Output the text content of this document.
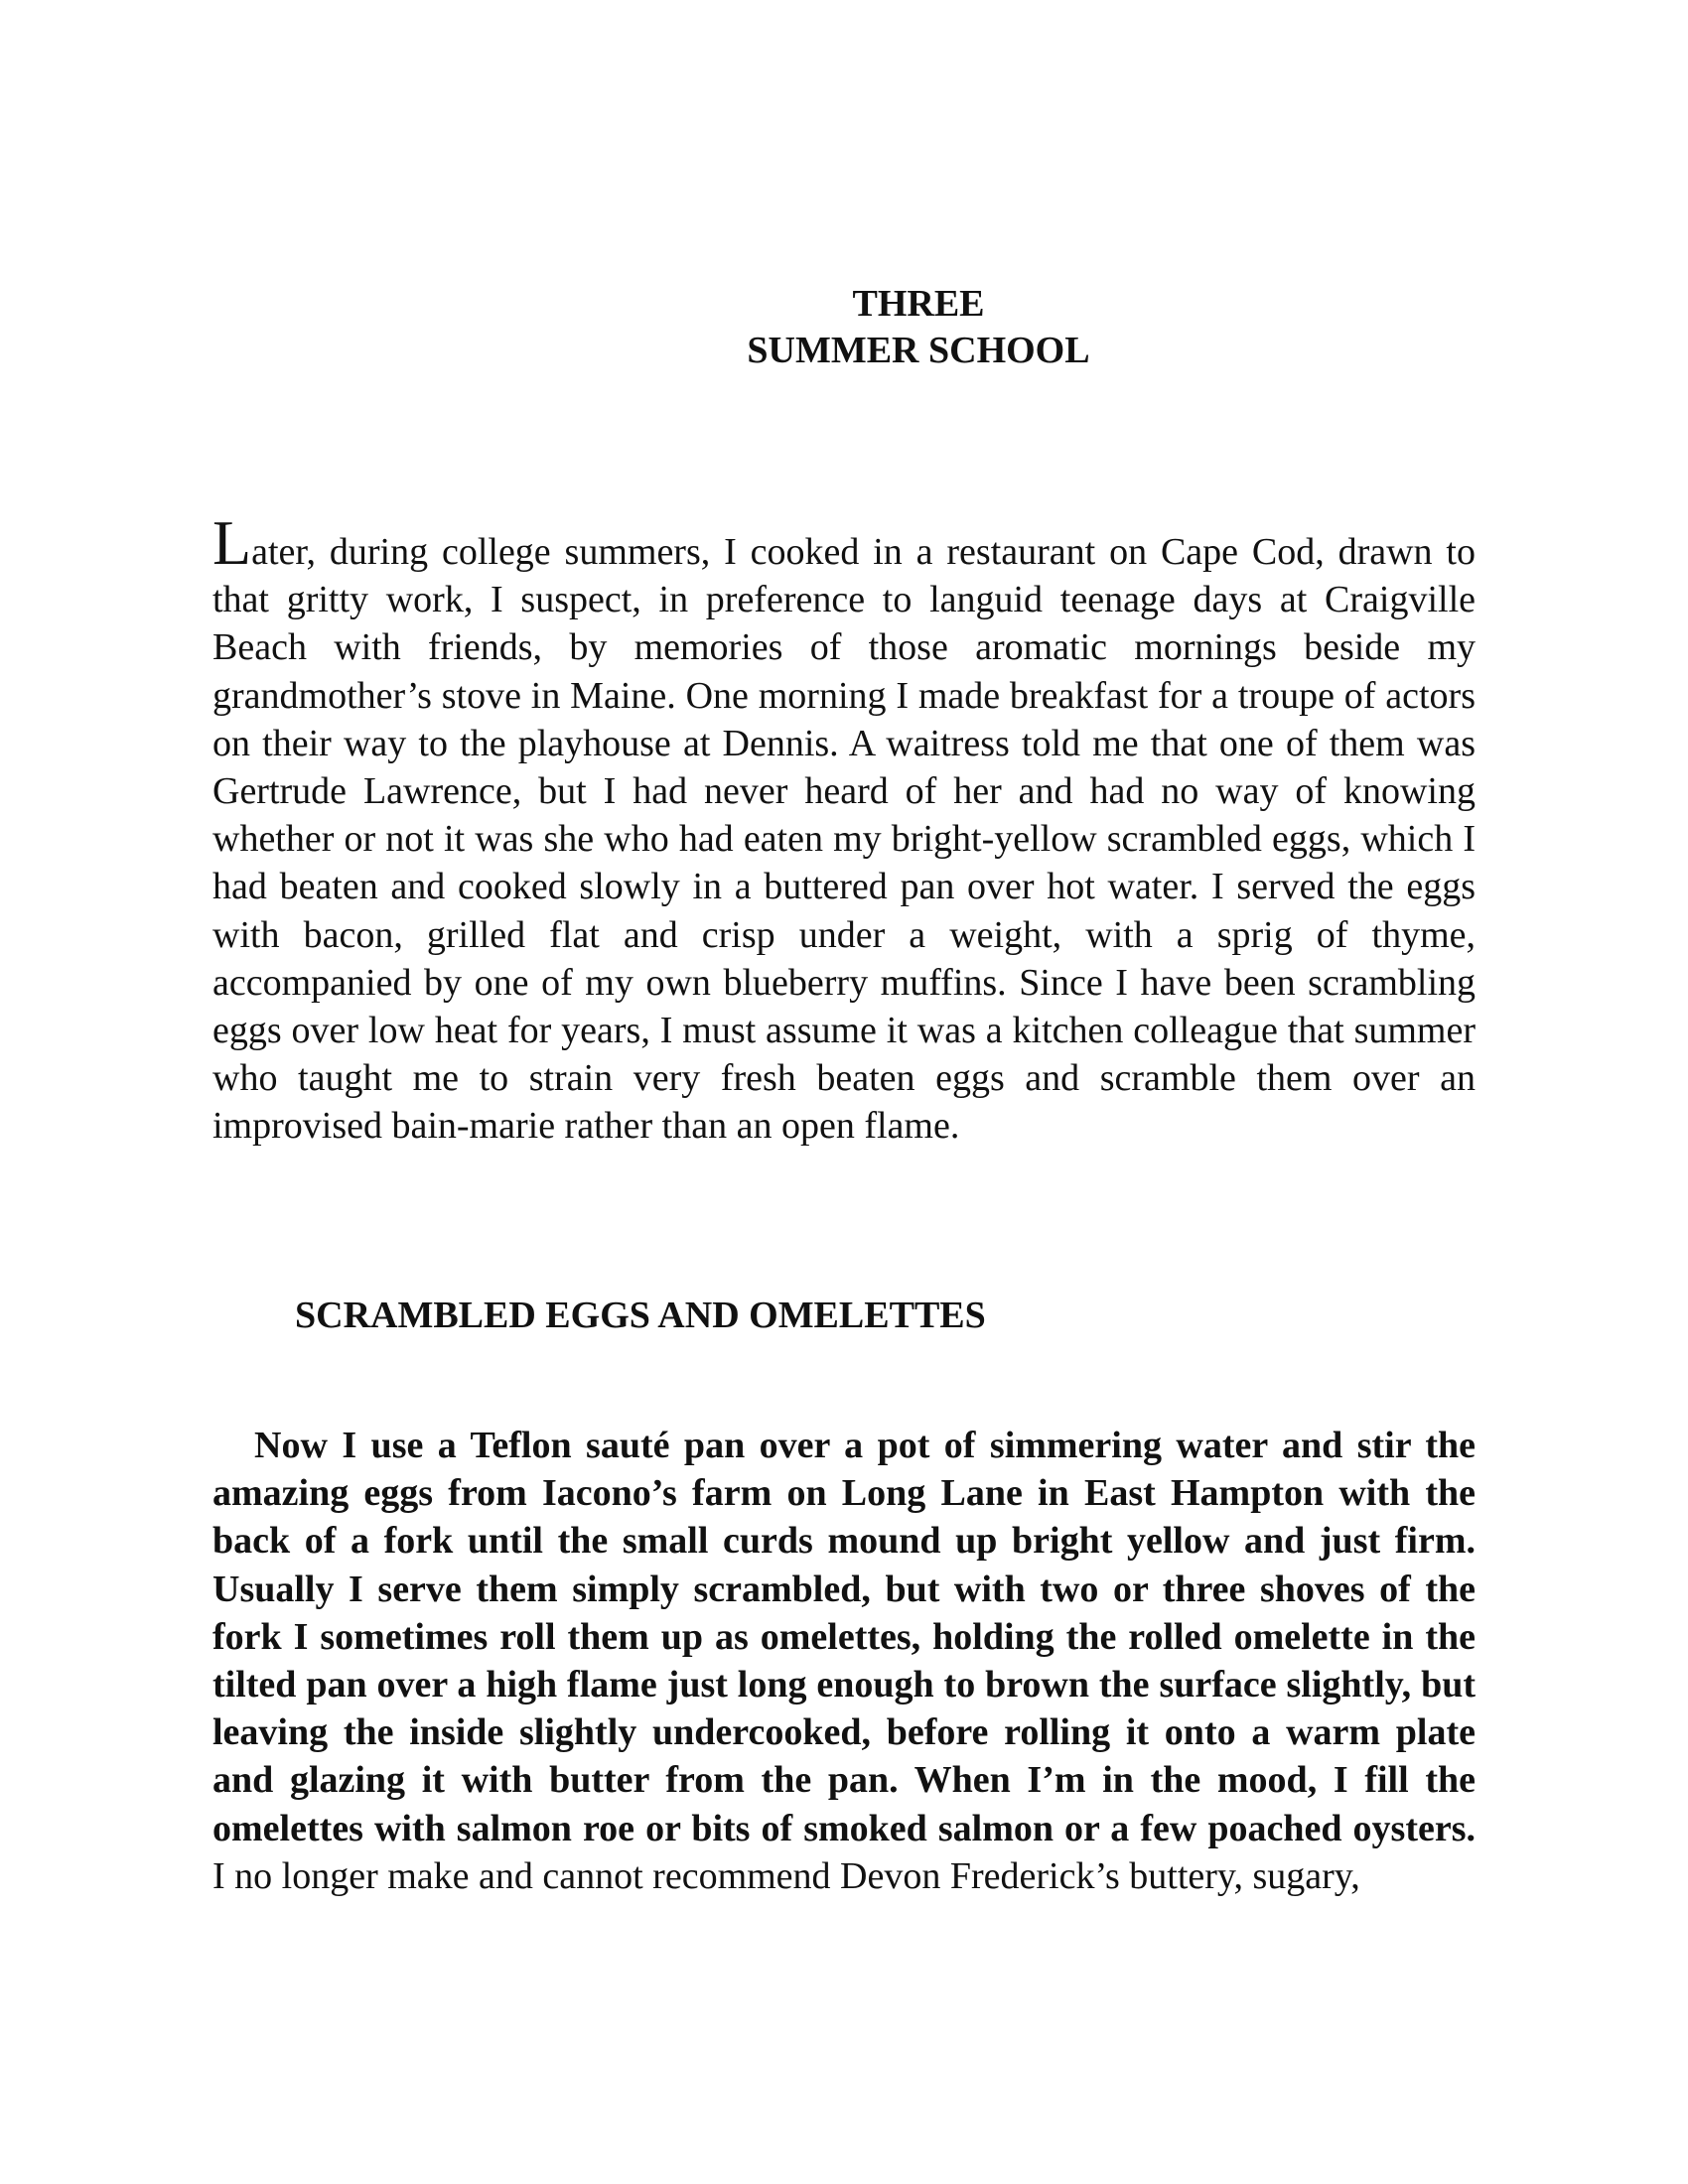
THREE
SUMMER SCHOOL

Later, during college summers, I cooked in a restaurant on Cape Cod, drawn to that gritty work, I suspect, in preference to languid teenage days at Craigville Beach with friends, by memories of those aromatic mornings beside my grandmother’s stove in Maine. One morning I made breakfast for a troupe of actors on their way to the playhouse at Dennis. A waitress told me that one of them was Gertrude Lawrence, but I had never heard of her and had no way of knowing whether or not it was she who had eaten my bright-yellow scrambled eggs, which I had beaten and cooked slowly in a buttered pan over hot water. I served the eggs with bacon, grilled flat and crisp under a weight, with a sprig of thyme, accompanied by one of my own blueberry muffins. Since I have been scrambling eggs over low heat for years, I must assume it was a kitchen colleague that summer who taught me to strain very fresh beaten eggs and scramble them over an improvised bain-marie rather than an open flame.

SCRAMBLED EGGS AND OMELETTES

Now I use a Teflon sauté pan over a pot of simmering water and stir the amazing eggs from Iacono’s farm on Long Lane in East Hampton with the back of a fork until the small curds mound up bright yellow and just firm. Usually I serve them simply scrambled, but with two or three shoves of the fork I sometimes roll them up as omelettes, holding the rolled omelette in the tilted pan over a high flame just long enough to brown the surface slightly, but leaving the inside slightly undercooked, before rolling it onto a warm plate and glazing it with butter from the pan. When I’m in the mood, I fill the omelettes with salmon roe or bits of smoked salmon or a few poached oysters. I no longer make and cannot recommend Devon Frederick’s buttery, sugary,
